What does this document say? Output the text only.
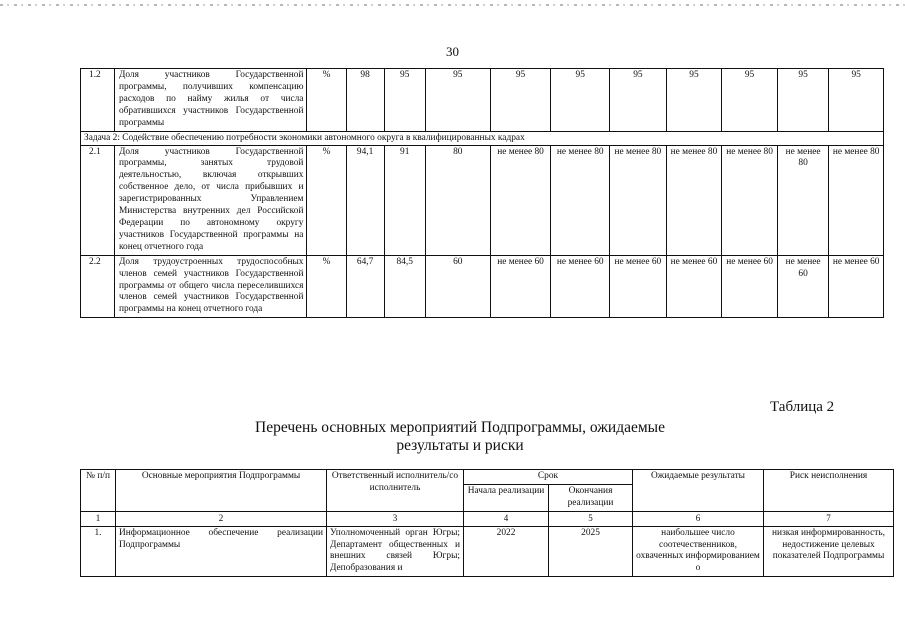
30
1.2	Доля участников Государственной программы, получивших компенсацию расходов по найму жилья от числа обратившихся участников Государственной программы	%	98	95	95	95	95	95	95	95	95	95
Задача 2: Содействие обеспечению потребности экономики автономного округа в квалифицированных кадрах												
2.1	Доля участников Государственной программы, занятых трудовой деятельностью, включая открывших собственное дело, от числа прибывших и зарегистрированных Управлением Министерства внутренних дел Российской Федерации по автономному округу участников Государственной программы на конец отчетного года	%	94,1	91	80	не менее 80	не менее 80	не менее 80	не менее 80	не менее 80	не менее 80	не менее 80
2.2	Доля трудоустроенных трудоспособных членов семей участников Государственной программы от общего числа переселившихся членов семей участников Государственной программы на конец отчетного года	%	64,7	84,5	60	не менее 60	не менее 60	не менее 60	не менее 60	не менее 60	не менее 60	не менее 60
Таблица 2
Перечень основных мероприятий Подпрограммы, ожидаемые
результаты и риски
№ п/п	Основные мероприятия Подпрограммы	Ответственный исполнитель/соисполнитель	Срок		Ожидаемые результаты	Риск неисполнения
			Начала реализации	Окончания реализации		
1	2	3	4	5	6	7
1.	Информационное обеспечение реализации Подпрограммы	Уполномоченный орган Югры; Департамент общественных и внешних связей Югры; Депобразования и	2022	2025	наибольшее число соотечественников, охваченных информированием о	низкая информированность, недостижение целевых показателей Подпрограммы
